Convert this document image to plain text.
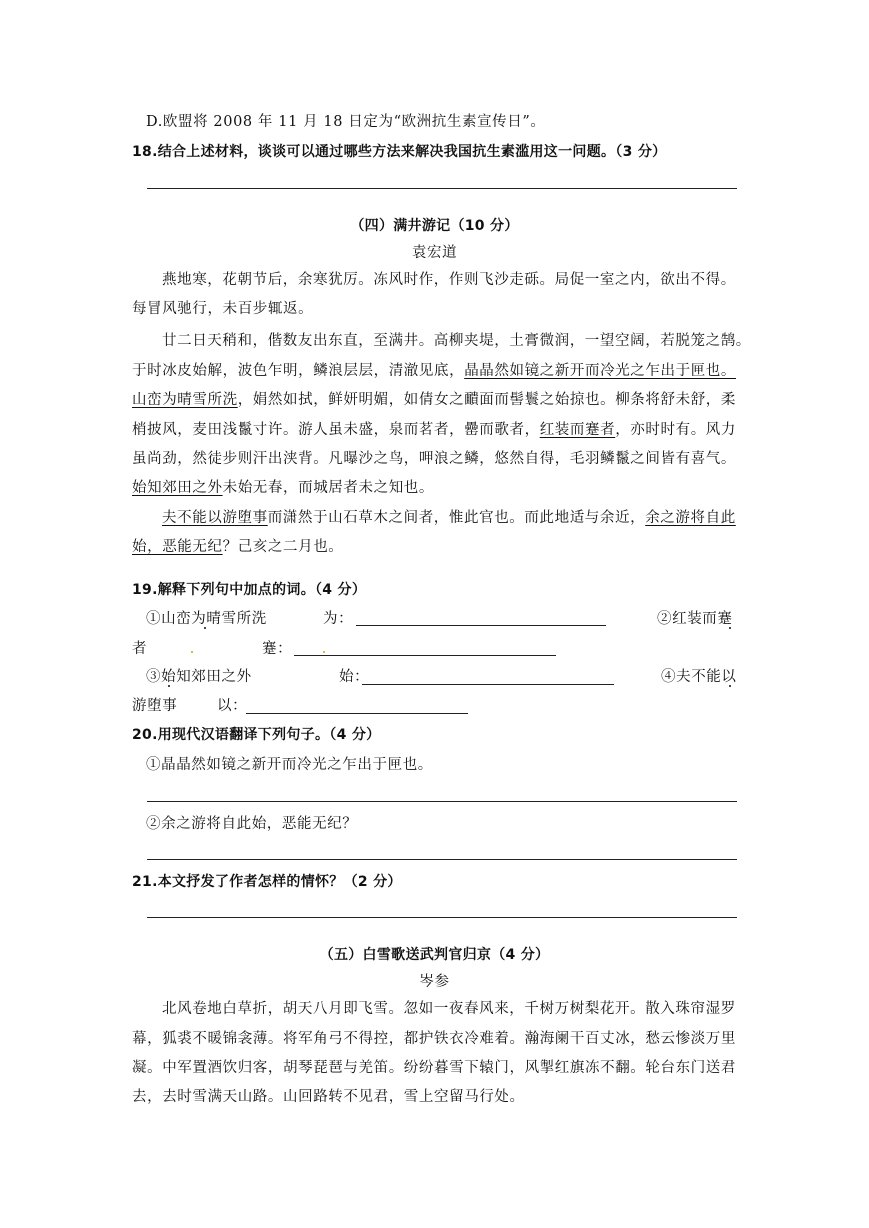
D.欧盟将 2008 年 11 月 18 日定为“欧洲抗生素宣传日”。
18.结合上述材料，谈谈可以通过哪些方法来解决我国抗生素滥用这一问题。（3 分）
（四）满井游记（10 分）
袁宏道
燕地寒，花朝节后，余寒犹厉。冻风时作，作则飞沙走砾。局促一室之内，欲出不得。
每冒风驰行，未百步辄返。
廿二日天稍和，偕数友出东直，至满井。高柳夹堤，土膏微润，一望空阔，若脱笼之鹄。
于时冰皮始解，波色乍明，鳞浪层层，清澈见底，晶晶然如镜之新开而冷光之乍出于匣也。
山峦为晴雪所洗，娟然如拭，鲜妍明媚，如倩女之靧面而髻鬟之始掠也。柳条将舒未舒，柔
梢披风，麦田浅鬣寸许。游人虽未盛，泉而茗者，罍而歌者，红装而蹇者，亦时时有。风力
虽尚劲，然徒步则汗出浃背。凡曝沙之鸟，呷浪之鳞，悠然自得，毛羽鳞鬣之间皆有喜气。
始知郊田之外未始无春，而城居者未之知也。
夫不能以游堕事而潇然于山石草木之间者，惟此官也。而此地适与余近，余之游将自此
始，恶能无纪？己亥之二月也。
19.解释下列句中加点的词。（4 分）
①山峦为晴雪所洗	为：	②红装而蹇
者	蹇：
③始知郊田之外	始：	④夫不能以
游堕事	以：
20.用现代汉语翻译下列句子。（4 分）
①晶晶然如镜之新开而冷光之乍出于匣也。
②余之游将自此始，恶能无纪？
21.本文抒发了作者怎样的情怀？（2 分）
（五）白雪歌送武判官归京（4 分）
岑参
北风卷地白草折，胡天八月即飞雪。忽如一夜春风来，千树万树梨花开。散入珠帘湿罗
幕，狐裘不暖锦衾薄。将军角弓不得控，都护铁衣冷难着。瀚海阑干百丈冰，愁云惨淡万里
凝。中军置酒饮归客，胡琴琵琶与羌笛。纷纷暮雪下辕门，风掣红旗冻不翻。轮台东门送君
去，去时雪满天山路。山回路转不见君，雪上空留马行处。
